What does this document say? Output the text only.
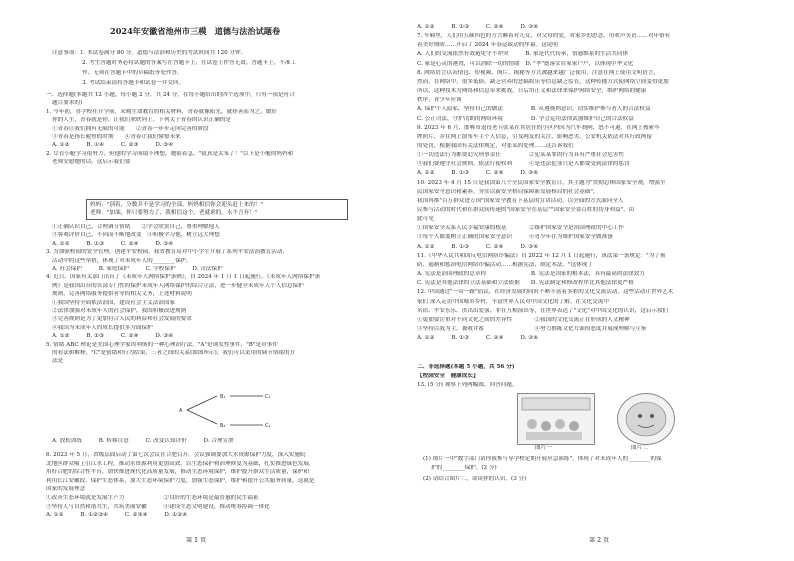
2024年安徽省池州市三模　道德与法治试题卷
注意事项：1. 本试卷满分 80 分。道德与法治和历史的考试时间共 120 分钟。
2. 考生答题时务必将试题的答案写在答题卡上，在试卷上作答无效。答题卡上，不准工
作、无须在答题卡中的草稿纸等处作答。
3. 考试结束请将答题卡和试卷一并交回。
一、选择题(本题共 12 小题，每小题 2 分，共 24 分。在每小题给出的四个选项中，只有一项是符合
题目要求的)
1. 今年初，各学校在开学前，采购生命教育的相关材料，青春就像阳光，就择善而为之，做好
你的人生，青春就是你，让我们欢欣向上。下列关于青春的认识正确的是
①青春让我们拥有无限的可能　　②青春一步步走向完善的阶段
③青春是扬长避短的时期　　④青春让我们憧憬未来
A. ①②　　　B. ①④　　　C. ②③　　　D. ③④
2. 尽管小艇学习很努力，但他的学习成绩不理想，她很着急，"我真是太笨了！"以下是小艇的妈妈和
老师安慰她的话。这启示我们要
①正确认识自己，合理调节情绪　　②学会欣赏自己，尊重理解他人
③客观评价自己，不因而不断地改变　④积极学习他，树立远大理想
A. ①②　　　B. ①③　　　C. ②④　　　D. ③④
3. 为加强校园的安全管理，创建平安校园，我省教育局对中小学生开展了系列平安法治教育活动，
活动中的这些举措，体现了对未成年人的________保护。
A. 社会保护　　　B. 家庭保护　　　C. 学校保护　　　D. 司法保护
4. 近日，国家有关部门出台了《未成年人网络保护条例》，自 2024 年 1 月 1 日起施行。《未成年人网络保护条
例》是我国出台的首部专门性的保护未成年人网络保护的综合立法，进一步健全未成年人个人信息保护
规则，完善网络服务提供者等的相关义务，上述材料说明
①我国坚持全面依法治国，建设社会主义法治国家
②法律加强对未成年人的社会保护，我国积极改进规则
③完善规则是为了更加符合人民的利益和社会发展的要求
④我国为未成年人的成长提供多方面保护
A. ①②　　　B. ①③　　　C. ②④　　　D. ③④
5. 情绪 ABC 理论是美国心理学家埃利斯的一种心理治疗法。"A"是诱发性事件，"B"是对事件
的看法和解释，"C"是情绪和行为结果，三者之间的关系(如图所示)，我们可以采用的调节情绪的方
法是
妈妈："别着，分数并不是学习的全部，妈妈相信你会迎头赶上来的！"
老师："加油，你只要努力了，我相信这个，老就乖的，永不言弃！"
A
B₁
B₂
C₁
C₂
A. 放松训练　　　B. 转移注意　　　C. 改变认知评价　　　D. 合理宣泄
6. 2023 年 5 月，省级层面启动了第七次会议在合肥召开。会议强调要加大水资源保护力度，深入实施皖
北地区群众喝上引江水工程，推动水资源利用更加高效，以生态保护和治理修复为基础，扎实推进绿色发展，
用好合肥的综合性平台，加快推进现代化高质量发展，推动生态环境保护，维护提升群众生活质量，保护和
利用长江安徽段、保护生态体系，加大生态环境保护力度，加强生态保护，维护和提升公共服务质量。这就是
国家的发展理念
①改善生态环境就是发展生产力　　　　　　　②良好的生态环境是最普惠的民生福祉
③坚持人与自然和谐共生，共筑美丽安徽　　　④建设生态文明建设，推动统筹协调一体化
A. ①②　　　B. ①②③④　　　C. ②③④　　　D. ①②④
第 1 页
A. ①②　　　B. ①③　　　C. ②④　　　D. ③④
7. 车厢里，人们用五颜四色的方言聊着对儿女、对父母的爱，对家乡的思念，用欢声笑语……对年俗有
着美好期盼……开启了 2024 年春运或动的序幕。这说明
A. 人们的交流依然有效避免守不冲突　　　B. 家是代代传承，情感维系的生活共同体
C. 家是心灵的港湾，可以消除一切的情绪　D. "孝"德落实在家家户户，以体现中华文化
8. 网络语言以表情包、短视频、图片、揭秘等方式被越来越广泛使用，注意在网上使用文明语言，
然而，在网络中，很多低俗、缺乏营养的恶搞娱乐等信息缺乏监管，这种传播方式使网络空间变得更加
所以，这种技术为网络和信息带来挑战，日后用正义和法律来保护网络安全，维护网络的健康
秩序，青少年应该
A. 保护个人隐私，坚持自己的做法　　　　　B. 从遵规则意识，切实维护参与者人的合法权益
C. 公正司法，守护清朗的网络环境　　　　　D. 学会运用法律武器维护自己的合法权益
9. 2023 年 6 月，邯郸市退役老兵张某在其居住的小区内因为汽车刹闸，怒不可遏，在网上搜索车
牌照片，并在网上散布车主个人信息，引发网友的关注，影响恶劣，公安机关依法对其行政拘留
的处罚，根据我国有关法律规定，对张某的处理……这告诉我们
①一切违法行为都要追究刑事责任　　　　　②犯某某罪的行为具有严重社会危害性
③我们要遵守社会规则，依法行使权利　　　④是违法犯罪只是人都要受到法律的惩罚
A. ①②　　　B. ①③　　　C. ②④　　　D. ③④
10. 2023 年 4 月 15 日是我国第八个全民国家安全教育日，其主题为"贯彻总体国家安全观，增强全
民国家安全意识和素养，夯实以新安全格局保障新发展格局的社会基础"。
我国再推"百万群众进万国"国家安全教育下基层的宣讲活动，以全面的方式面向全人
民参与活动的时代和在群众间传递的"国家安全在基层""国家安全靠百姓的切身利益"，由
此可见
①国家安全关系人民幸福安康的根基　　　　②维护国家安全是治国理政的中心工作
③每个人都要树立正确的国家安全意识　　　④青少年在为维护国家安全做准备
A. ①②　　　B. ①③　　　C. ②④　　　D. ③④
11.《中华人民共和国反电信网络诈骗法》自 2022 年 12 月 1 日起施行，该法第一条规定："为了预
防、遏制和惩治电信网络诈骗活动……根据宪法，制定本法。"这体现了
A. 宪法是治国理政的总章程　　　　　　　　B. 宪法是国家的根本法，具有最高的法律效力
C. 宪法是其他法律的立法基础和立法依据　　D. 宪法制定和修改程序比其他法律更严格
12. 中国通过"一带一路"倡议，在经济发展的同时不断丰富着多彩的文化交流活动，这些活动让世界艺术
家们 深入走访中国城市乡村，丰富世界人民对中国文化的了解。在文化交流中
名宿、平安乐乐、洪出出爱演、非在互相演出等，在世界表达了"文化"对中国文化的认识，这启示我们
①更加要注重对不同文化之间的差异性　　　　②我国的文化交流正在形成的人文精神
③坚持以我为主，兼收并蓄　　　　　　　　　④努力推陈文化方面的态度并展现理解与互鉴
A. ①②　　　B. ①③　　　C. ②④　　　D. ③④
二、非选择题(本题 5 小题，共 56 分)
【校园安全　健康成长】
13. (5 分) 观察下列两幅图，回答问题。
图片一	图片二
(1) 图片一中"数字部门请你我参与导学校定期开展应急演练"，体现了对未成年人的________的保
护的________保护。(2 分)
(2) 请结合图片二，谈谈你的认识。(3 分)
第 2 页
